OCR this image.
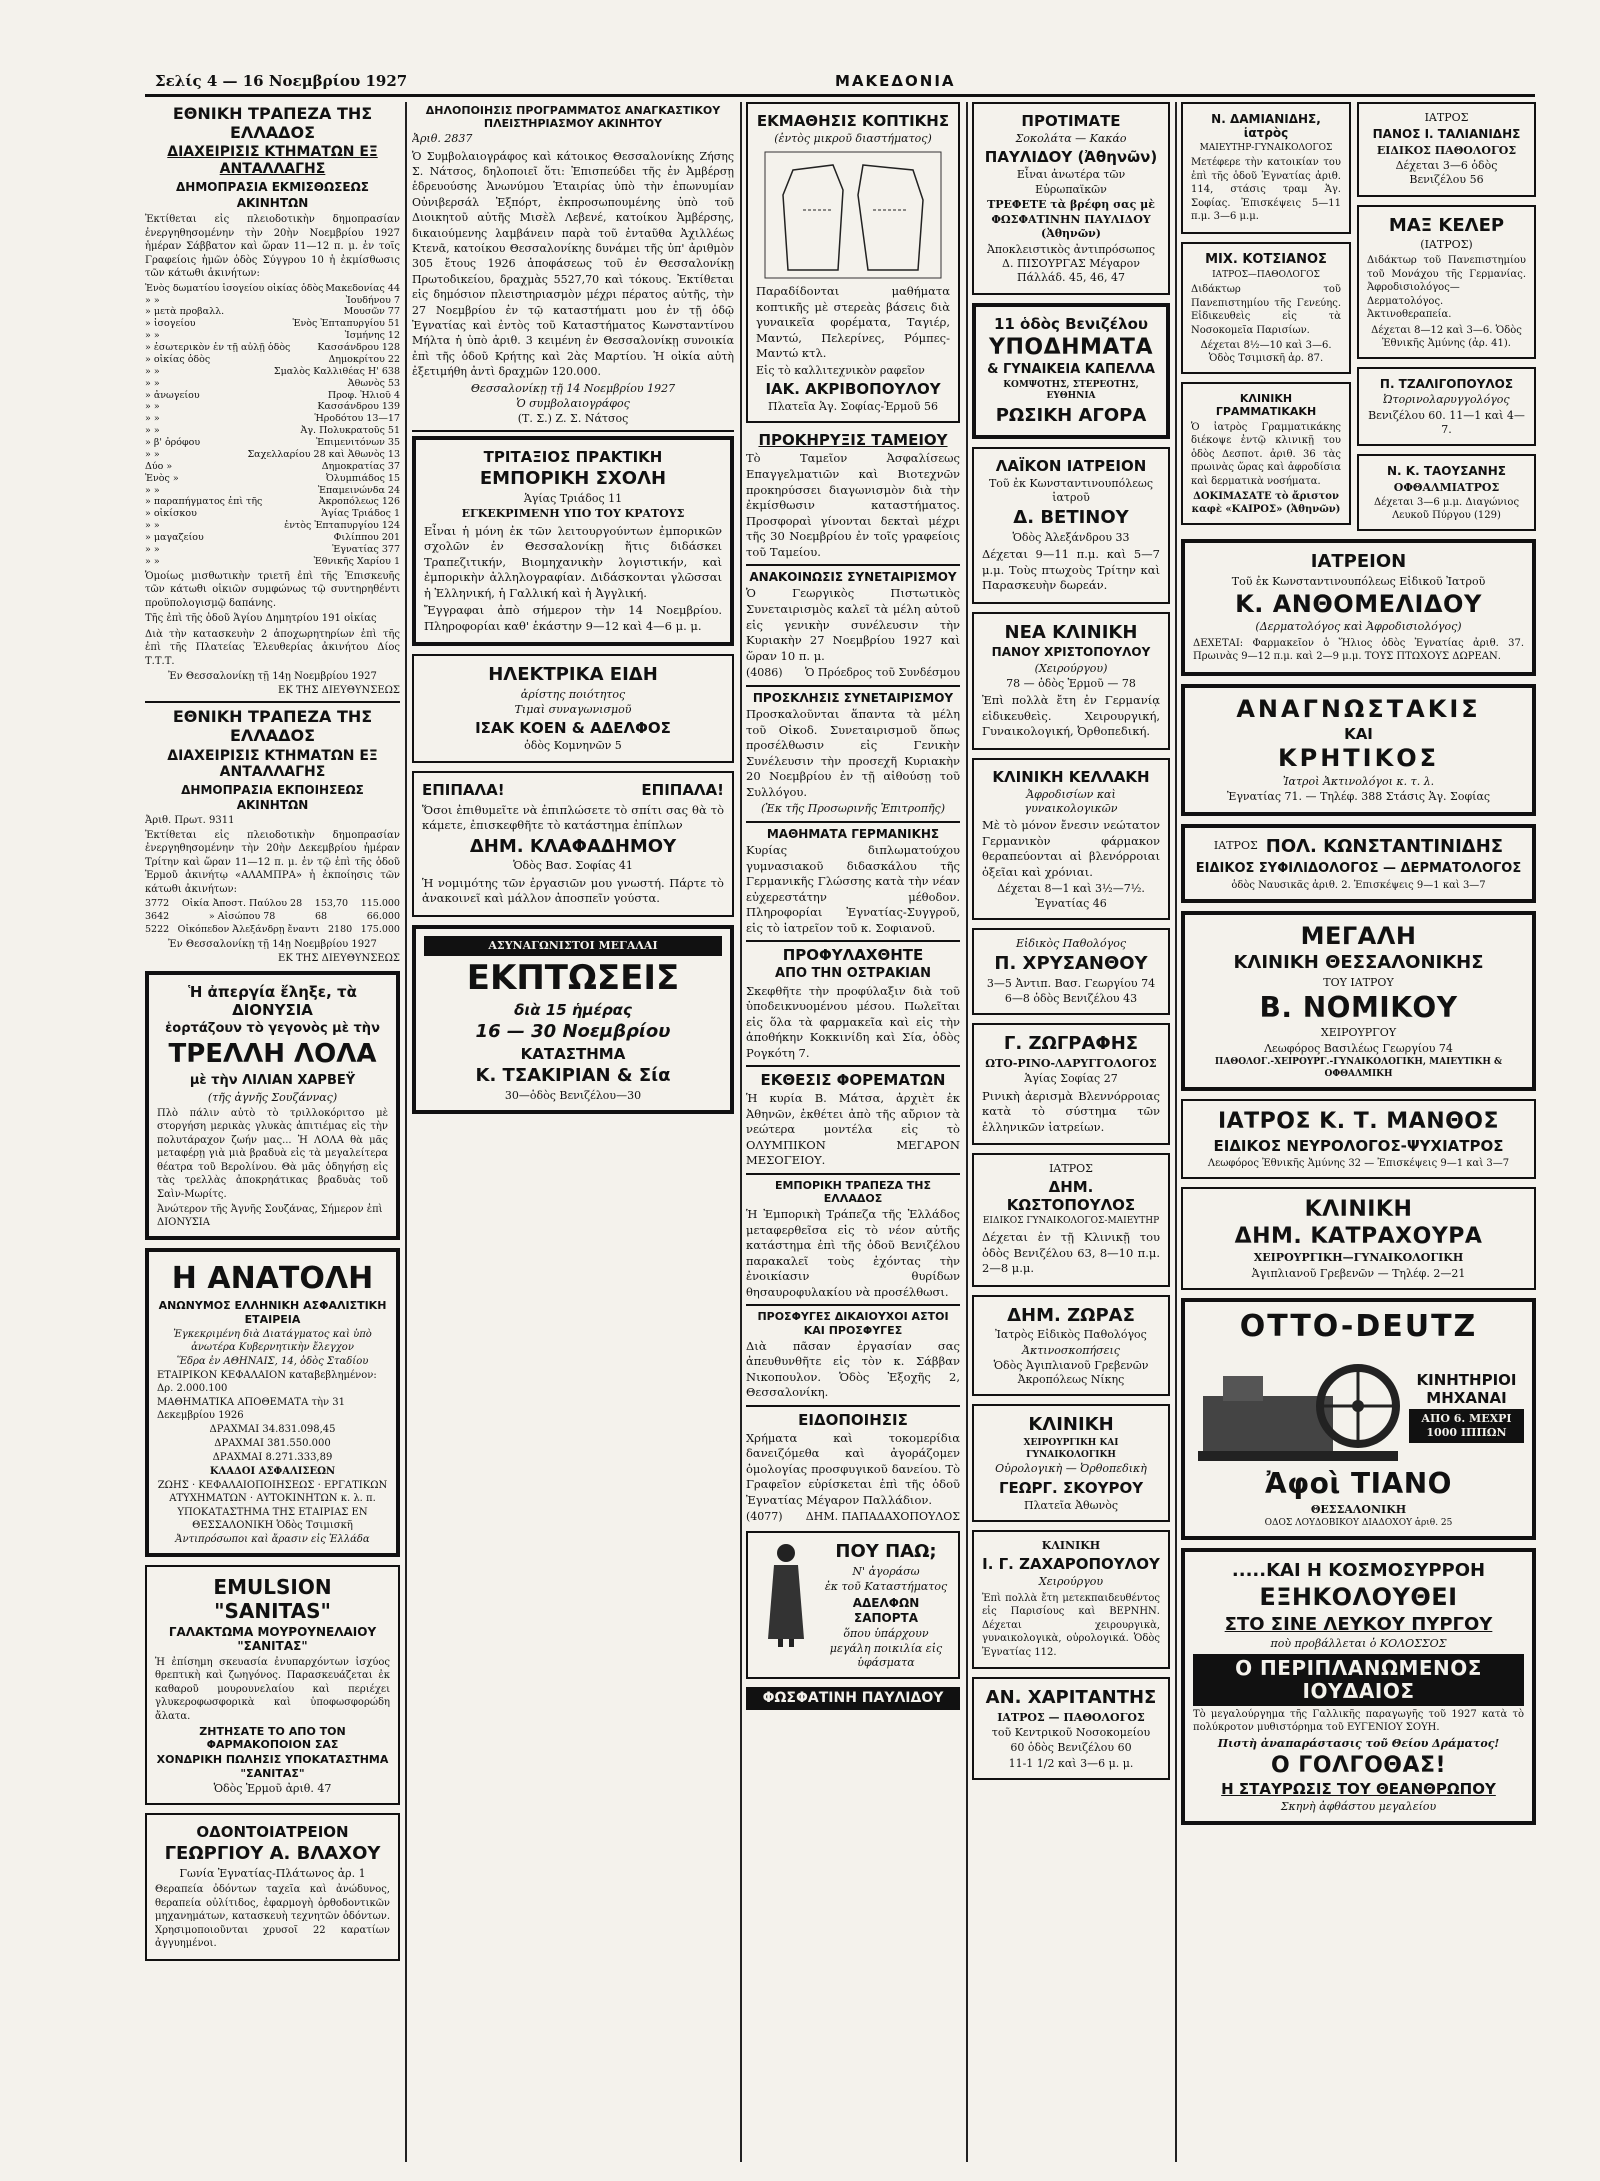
Σελίς 4 — 16 Νοεμβρίου 1927	ΜΑΚΕΔΟΝΙΑ
ΕΘΝΙΚΗ ΤΡΑΠΕΖΑ ΤΗΣ ΕΛΛΑΔΟΣ
ΔΙΑΧΕΙΡΙΣΙΣ ΚΤΗΜΑΤΩΝ ΕΞ ΑΝΤΑΛΛΑΓΗΣ
ΔΗΜΟΠΡΑΣΙΑ ΕΚΜΙΣΘΩΣΕΩΣ ΑΚΙΝΗΤΩΝ
Ἐκτίθεται εἰς πλειοδοτικὴν δημοπρασίαν ἐνεργηθησομένην τὴν 20ὴν Νοεμβρίου 1927 ἡμέραν Σάββατον καὶ ὥραν 11—12 π. μ. ἐν τοῖς Γραφείοις ἡμῶν ὁδὸς Σύγγρου 10 ἡ ἐκμίσθωσις τῶν κάτωθι ἀκινήτων:
Ἑνὸς δωματίου ἰσογείου οἰκίας ὁδὸς Μακεδονίας 44
» »	Ἰουδήνου 7
» μετὰ προβαλλ.	Μουσῶν 77
» ἰσογείου	Ἑνὸς Ἐπταπυργίου 51
» »	Ἰσμήνης 12
» ἐσωτερικὸν ἐν τῇ αὐλῇ ὁδὸς	Κασσάνδρου 128
» οἰκίας ὁδὸς	Δημοκρίτου 22
» »	Σμαλὸς Καλλιθέας Η' 638
» »	Ἀθωνὸς 53
» ἀνωγείου	Προφ. Ἠλιοῦ 4
» »	Κασσάνδρου 139
» »	Ἡροδότου 13—17
» »	Ἀγ. Πολυκρατοῦς 51
» β' ὀρόφου	Ἐπιμενιτόνων 35
» »	Σαχελλαρίου 28 καὶ Ἀθωνὸς 13
Δύο »	Δημοκρατίας 37
Ἑνὸς »	Ὀλυμπιάδος 15
» »	Ἐπαμεινώνδα 24
» παραπήγματος ἐπὶ τῆς	Ἀκροπόλεως 126
» οἰκίσκου	Ἁγίας Τριάδος 1
» »	ἐντὸς Ἐπταπυργίου 124
» μαγαζείου	Φιλίππου 201
» »	Ἐγνατίας 377
» »	Ἐθνικῆς Χαρίου 1
Ὁμοίως μισθωτικὴν τριετῆ ἐπὶ τῆς Ἐπισκευῆς τῶν κάτωθι οἰκιῶν συμφώνως τῷ συντηρηθέντι προϋπολογισμῷ δαπάνης.
Τῆς ἐπὶ τῆς ὁδοῦ Ἁγίου Δημητρίου 191 οἰκίας
Διὰ τὴν κατασκευὴν 2 ἀποχωρητηρίων ἐπὶ τῆς ἐπὶ τῆς Πλατείας Ἐλευθερίας ἀκινήτου Δίος Τ.Τ.Τ.
Ἐν Θεσσαλονίκῃ τῇ 14ῃ Νοεμβρίου 1927
ΕΚ ΤΗΣ ΔΙΕΥΘΥΝΣΕΩΣ
ΕΘΝΙΚΗ ΤΡΑΠΕΖΑ ΤΗΣ ΕΛΛΑΔΟΣ
ΔΙΑΧΕΙΡΙΣΙΣ ΚΤΗΜΑΤΩΝ ΕΞ ΑΝΤΑΛΛΑΓΗΣ
ΔΗΜΟΠΡΑΣΙΑ ΕΚΠΟΙΗΣΕΩΣ ΑΚΙΝΗΤΩΝ
Ἀριθ. Πρωτ. 9311
Ἐκτίθεται εἰς πλειοδοτικὴν δημοπρασίαν ἐνεργηθησομένην τὴν 20ὴν Δεκεμβρίου ἡμέραν Τρίτην καὶ ὥραν 11—12 π. μ. ἐν τῷ ἐπὶ τῆς ὁδοῦ Ἑρμοῦ ἀκινήτῳ «ΑΛΑΜΠΡΑ» ἡ ἐκποίησις τῶν κάτωθι ἀκινήτων:
3772 Οἰκία Ἀποστ. Παύλου 28 153,70 115.000
3642	» Αἰσώπου 78	68	66.000
5222 Οἰκόπεδον Ἀλεξάνδρῃ ἔναντι 2180 175.000
Ἐν Θεσσαλονίκῃ τῇ 14ῃ Νοεμβρίου 1927
ΕΚ ΤΗΣ ΔΙΕΥΘΥΝΣΕΩΣ
Ἡ ἀπεργία ἔληξε, τὰ ΔΙΟΝΥΣΙΑ
ἑορτάζουν τὸ γεγονὸς μὲ τὴν
ΤΡΕΛΛΗ ΛΟΛΑ
μὲ τὴν ΛΙΛΙΑΝ ΧΑΡΒΕΫ
(τῆς ἀγνῆς Σουζάννας)
Πλὸ πάλιν αὐτὸ τὸ τριλλοκόριτσο μὲ στοργήση μερικὰς γλυκὰς ἀπιτιέμας εἰς τὴν πολυτάραχον ζωήν μας... Ἡ ΛΟΛΑ θὰ μᾶς μεταφέρῃ γιὰ μιὰ βραδυὰ εἰς τὰ μεγαλείτερα θέατρα τοῦ Βερολίνου. Θὰ μᾶς ὁδηγήσῃ εἰς τὰς τρελλὰς ἀποκρηάτικας βραδυὰς τοῦ Σαὶν-Μωρίτς.
Ἀνώτερον τῆς Ἀγνῆς Σουζάνας, Σήμερον ἐπὶ ΔΙΟΝΥΣΙΑ
Η ΑΝΑΤΟΛΗ
ΑΝΩΝΥΜΟΣ ΕΛΛΗΝΙΚΗ ΑΣΦΑΛΙΣΤΙΚΗ ΕΤΑΙΡΕΙΑ
Ἐγκεκριμένη διὰ Διατάγματος καὶ ὑπὸ ἀνωτέρα Κυβερνητικὴν ἔλεγχον
Ἕδρα ἐν ΑΘΗΝΑΙΣ, 14, ὁδὸς Σταδίου
ΕΤΑΙΡΙΚΟΝ ΚΕΦΑΛΑΙΟΝ καταβεβλημένον: Δρ. 2.000.100
ΜΑΘΗΜΑΤΙΚΑ ΑΠΟΘΕΜΑΤΑ τὴν 31 Δεκεμβρίου 1926
ΔΡΑΧΜΑΙ 34.831.098,45
ΔΡΑΧΜΑΙ 381.550.000
ΔΡΑΧΜΑΙ 8.271.333,89
ΚΛΑΔΟΙ ΑΣΦΑΛΙΣΕΩΝ
ΖΩΗΣ · ΚΕΦΑΛΑΙΟΠΟΙΗΣΕΩΣ · ΕΡΓΑΤΙΚΩΝ ΑΤΥΧΗΜΑΤΩΝ · ΑΥΤΟΚΙΝΗΤΩΝ κ. λ. π.
ΥΠΟΚΑΤΑΣΤΗΜΑ ΤΗΣ ΕΤΑΙΡΙΑΣ ΕΝ ΘΕΣΣΑΛΟΝΙΚΗ Ὁδὸς Τσιμισκῆ
Ἀντιπρόσωποι καὶ ἄρασιν εἰς Ἑλλάδα
EMULSION "SANITAS"
ΓΑΛΑΚΤΩΜΑ ΜΟΥΡΟΥΝΕΛΑΙΟΥ "ΣΑΝΙΤΑΣ"
Ἡ ἐπίσημη σκευασία ἐνυπαρχόντων ἰσχύος θρεπτικὴ καὶ ζωηγόνος. Παρασκευάζεται ἐκ καθαροῦ μουρουνελαίου καὶ περιέχει γλυκεροφωσφορικὰ καὶ ὑποφωσφορώδη ἄλατα.
ΖΗΤΗΣΑΤΕ ΤΟ ΑΠΟ ΤΟΝ ΦΑΡΜΑΚΟΠΟΙΟΝ ΣΑΣ
ΧΟΝΔΡΙΚΗ ΠΩΛΗΣΙΣ ΥΠΟΚΑΤΑΣΤΗΜΑ "ΣΑΝΙΤΑΣ"
Ὁδὸς Ἑρμοῦ ἀριθ. 47
ΟΔΟΝΤΟΙΑΤΡΕΙΟΝ
ΓΕΩΡΓΙΟΥ Α. ΒΛΑΧΟΥ
Γωνία Ἐγνατίας-Πλάτωνος ἀρ. 1
Θεραπεία ὀδόντων ταχεῖα καὶ ἀνώδυνος, θεραπεία οὐλίτιδος, ἐφαρμογὴ ὀρθοδοντικῶν μηχανημάτων, κατασκευὴ τεχνητῶν ὀδόντων. Χρησιμοποιοῦνται χρυσοῖ 22 καρατίων ἀγγυημένοι.
ΔΗΛΟΠΟΙΗΣΙΣ ΠΡΟΓΡΑΜΜΑΤΟΣ ΑΝΑΓΚΑΣΤΙΚΟΥ ΠΛΕΙΣΤΗΡΙΑΣΜΟΥ ΑΚΙΝΗΤΟΥ
Ἀριθ. 2837
Ὁ Συμβολαιογράφος καὶ κάτοικος Θεσσαλονίκης Ζήσης Σ. Νάτσος, δηλοποιεῖ ὅτι: Ἐπισπεύδει τῆς ἐν Ἀμβέρσῃ ἑδρευούσης Ἀνωνύμου Ἑταιρίας ὑπὸ τὴν ἐπωνυμίαν Οὐνιβερσάλ Ἐξπόρτ, ἐκπροσωπουμένης ὑπὸ τοῦ Διοικητοῦ αὐτῆς Μισὲλ Λεβενέ, κατοίκου Ἀμβέρσης, δικαιούμενης λαμβάνειν παρὰ τοῦ ἐνταῦθα Ἀχιλλέως Κτενᾶ, κατοίκου Θεσσαλονίκης δυνάμει τῆς ὑπ' ἀριθμὸν 305 ἔτους 1926 ἀποφάσεως τοῦ ἐν Θεσσαλονίκῃ Πρωτοδικείου, δραχμὰς 5527,70 καὶ τόκους. Ἐκτίθεται εἰς δημόσιον πλειστηριασμὸν μέχρι πέρατος αὐτῆς, τὴν 27 Νοεμβρίου ἐν τῷ καταστήματι μου ἐν τῇ ὁδῷ Ἐγνατίας καὶ ἐντὸς τοῦ Καταστήματος Κωνσταντίνου Μήλτα ἡ ὑπὸ ἀριθ. 3 κειμένη ἐν Θεσσαλονίκῃ συνοικία ἐπὶ τῆς ὁδοῦ Κρήτης καὶ 2ὰς Μαρτίου. Ἡ οἰκία αὐτὴ ἐξετιμήθη ἀντὶ δραχμῶν 120.000.
Θεσσαλονίκῃ τῇ 14 Νοεμβρίου 1927
Ὁ συμβολαιογράφος
(Τ. Σ.) Ζ. Σ. Νάτσος
ΤΡΙΤΑΞΙΟΣ ΠΡΑΚΤΙΚΗ
ΕΜΠΟΡΙΚΗ ΣΧΟΛΗ
Ἁγίας Τριάδος 11
ΕΓΚΕΚΡΙΜΕΝΗ ΥΠΟ ΤΟΥ ΚΡΑΤΟΥΣ
Εἶναι ἡ μόνη ἐκ τῶν λειτουργούντων ἐμπορικῶν σχολῶν ἐν Θεσσαλονίκῃ ἥτις διδάσκει Τραπεζιτικήν, Βιομηχανικὴν λογιστικήν, καὶ ἐμπορικὴν ἀλληλογραφίαν. Διδάσκονται γλῶσσαι ἡ Ἑλληνική, ἡ Γαλλική καὶ ἡ Ἀγγλική.
Ἔγγραφαι ἀπὸ σήμερον τὴν 14 Νοεμβρίου. Πληροφορίαι καθ' ἑκάστην 9—12 καὶ 4—6 μ. μ.
ΗΛΕΚΤΡΙΚΑ ΕΙΔΗ
ἀρίστης ποιότητος
Τιμαὶ συναγωνισμοῦ
ΙΣΑΚ ΚΟΕΝ & ΑΔΕΛΦΟΣ
ὁδὸς Κομνηνῶν 5
ΕΠΙΠΑΛΑ!	ΕΠΙΠΑΛΑ!
Ὅσοι ἐπιθυμεῖτε νὰ ἐπιπλώσετε τὸ σπίτι σας θὰ τὸ κάμετε, ἐπισκεφθῆτε τὸ κατάστημα ἐπίπλων
ΔΗΜ. ΚΛΑΦΑΔΗΜΟΥ
Ὁδὸς Βασ. Σοφίας 41
Ἡ νομιμότης τῶν ἐργασιῶν μου γνωστή. Πάρτε τὸ ἀνακοινεῖ καὶ μάλλον ἀποσπεῖν γούστα.
ΑΣΥΝΑΓΩΝΙΣΤΟΙ ΜΕΓΑΛΑΙ
ΕΚΠΤΩΣΕΙΣ
διὰ 15 ἡμέρας
16 — 30 Νοεμβρίου
ΚΑΤΑΣΤΗΜΑ
Κ. ΤΣΑΚΙΡΙΑΝ & Σία
30—ὁδὸς Βενιζέλου—30
ΕΚΜΑΘΗΣΙΣ ΚΟΠΤΙΚΗΣ
(ἐντὸς μικροῦ διαστήματος)
Παραδίδονται μαθήματα κοπτικῆς μὲ στερεὰς βάσεις διὰ γυναικεῖα φορέματα, Ταγιέρ, Μαντώ, Πελερίνες, Ρόμπες-Μαντώ κτλ.
Εἰς τὸ καλλιτεχνικὸν ραφεῖον
ΙΑΚ. ΑΚΡΙΒΟΠΟΥΛΟΥ
Πλατεῖα Ἁγ. Σοφίας-Ἑρμοῦ 56
ΠΡΟΚΗΡΥΞΙΣ ΤΑΜΕΙΟΥ
Τὸ Ταμεῖον Ἀσφαλίσεως Επαγγελματιῶν καὶ Βιοτεχνῶν προκηρύσσει διαγωνισμὸν διὰ τὴν ἐκμίσθωσιν καταστήματος. Προσφοραὶ γίνονται δεκταὶ μέχρι τῆς 30 Νοεμβρίου ἐν τοῖς γραφείοις τοῦ Ταμείου.
ΑΝΑΚΟΙΝΩΣΙΣ ΣΥΝΕΤΑΙΡΙΣΜΟΥ
Ὁ Γεωργικὸς Πιστωτικὸς Συνεταιρισμὸς καλεῖ τὰ μέλη αὐτοῦ εἰς γενικὴν συνέλευσιν τὴν Κυριακὴν 27 Νοεμβρίου 1927 καὶ ὥραν 10 π. μ.
(4086) Ὁ Πρόεδρος τοῦ Συνδέσμου
ΠΡΟΣΚΛΗΣΙΣ ΣΥΝΕΤΑΙΡΙΣΜΟΥ
Προσκαλοῦνται ἅπαντα τὰ μέλη τοῦ Οἰκοδ. Συνεταιρισμοῦ ὅπως προσέλθωσιν εἰς Γενικὴν Συνέλευσιν τὴν προσεχῆ Κυριακὴν 20 Νοεμβρίου ἐν τῇ αἰθούσῃ τοῦ Συλλόγου.
(Ἐκ τῆς Προσωρινῆς Ἐπιτροπῆς)
ΜΑΘΗΜΑΤΑ ΓΕΡΜΑΝΙΚΗΣ
Κυρίας διπλωματούχου γυμνασιακοῦ διδασκάλου τῆς Γερμανικῆς Γλώσσης κατὰ τὴν νέαν εὐχερεστάτην μέθοδον. Πληροφορίαι Ἐγνατίας-Συγγροῦ, εἰς τὸ ἰατρεῖον τοῦ κ. Σοφιανοῦ.
ΠΡΟΦΥΛΑΧΘΗΤΕ
ΑΠΟ ΤΗΝ ΟΣΤΡΑΚΙΑΝ
Σκεφθῆτε τὴν προφύλαξιν διὰ τοῦ ὑποδεικνυομένου μέσου. Πωλεῖται εἰς ὅλα τὰ φαρμακεῖα καὶ εἰς τὴν ἀποθήκην Κοκκινίδη καὶ Σία, ὁδὸς Ρογκότη 7.
ΕΚΘΕΣΙΣ ΦΟΡΕΜΑΤΩΝ
Ἡ κυρία Β. Μάτσα, ἀρχιὲτ ἐκ Ἀθηνῶν, ἐκθέτει ἀπὸ τῆς αὔριον τὰ νεώτερα μοντέλα εἰς τὸ ΟΛΥΜΠΙΚΟΝ ΜΕΓΑΡΟΝ ΜΕΣΟΓΕΙΟΥ.
ΕΜΠΟΡΙΚΗ ΤΡΑΠΕΖΑ ΤΗΣ ΕΛΛΑΔΟΣ
Ἡ Ἐμπορικὴ Τράπεζα τῆς Ἑλλάδος μεταφερθεῖσα εἰς τὸ νέον αὐτῆς κατάστημα ἐπὶ τῆς ὁδοῦ Βενιζέλου παρακαλεῖ τοὺς ἐχόντας τὴν ἐνοικίασιν θυρίδων θησαυροφυλακίου νὰ προσέλθωσι.
ΠΡΟΣΦΥΓΕΣ ΔΙΚΑΙΟΥΧΟΙ ΑΣΤΟΙ ΚΑΙ ΠΡΟΣΦΥΓΕΣ
Διὰ πᾶσαν ἐργασίαν σας ἀπευθυνθῆτε εἰς τὸν κ. Σάββαν Νικοπουλον. Ὁδὸς Ἐξοχῆς 2, Θεσσαλονίκη.
ΕΙΔΟΠΟΙΗΣΙΣ
Χρήματα καὶ τοκομερίδια δανειζόμεθα καὶ ἀγοράζομεν ὁμολογίας προσφυγικοῦ δανείου. Τὸ Γραφεῖον εὑρίσκεται ἐπὶ τῆς ὁδοῦ Ἐγνατίας Μέγαρον Παλλάδιον.
(4077) ΔΗΜ. ΠΑΠΑΔΑΧΟΠΟΥΛΟΣ
ΠΟΥ ΠΑΩ;
Ν' ἀγοράσω
ἐκ τοῦ Καταστήματος
ΑΔΕΛΦΩΝ ΣΑΠΟΡΤΑ
ὅπου ὑπάρχουν μεγάλη ποικιλία εἰς ὑφάσματα
ΦΩΣΦΑΤΙΝΗ ΠΑΥΛΙΔΟΥ
ΠΡΟΤΙΜΑΤΕ
Σοκολάτα — Κακάο
ΠΑΥΛΙΔΟΥ (Ἀθηνῶν)
Εἶναι ἀνωτέρα τῶν Εὐρωπαϊκῶν
ΤΡΕΦΕΤΕ τὰ βρέφη σας μὲ
ΦΩΣΦΑΤΙΝΗΝ ΠΑΥΛΙΔΟΥ (Ἀθηνῶν)
Ἀποκλειστικὸς ἀντιπρόσωπος Δ. ΠΙΣΟΥΡΓΑΣ Μέγαρον Πάλλάδ. 45, 46, 47
11 ὁδὸς Βενιζέλου
ΥΠΟΔΗΜΑΤΑ
& ΓΥΝΑΙΚΕΙΑ ΚΑΠΕΛΛΑ
ΚΟΜΨΟΤΗΣ, ΣΤΕΡΕΟΤΗΣ, ΕΥΘΗΝΙΑ
ΡΩΣΙΚΗ ΑΓΟΡΑ
ΛΑΪΚΟΝ ΙΑΤΡΕΙΟΝ
Τοῦ ἐκ Κωνσταντινουπόλεως ἰατροῦ
Δ. ΒΕΤΙΝΟΥ
Ὁδὸς Ἀλεξάνδρου 33
Δέχεται 9—11 π.μ. καὶ 5—7 μ.μ. Τοὺς πτωχοὺς Τρίτην καὶ Παρασκευὴν δωρεάν.
ΝΕΑ ΚΛΙΝΙΚΗ
ΠΑΝΟΥ ΧΡΙΣΤΟΠΟΥΛΟΥ
(Χειρούργου)
78 — ὁδὸς Ἑρμοῦ — 78
Ἐπὶ πολλὰ ἔτη ἐν Γερμανίᾳ εἰδικευθεὶς. Χειρουργική, Γυναικολογική, Ὀρθοπεδική.
ΚΛΙΝΙΚΗ ΚΕΛΛΑΚΗ
Ἀφροδισίων καὶ γυναικολογικῶν
Μὲ τὸ μόνον ἔνεσιν νεώτατον Γερμανικὸν φάρμακον θεραπεύονται αἱ βλενόρροιαι ὀξεῖαι καὶ χρόνιαι.
Δέχεται 8—1 καὶ 3½—7½. Ἐγνατίας 46
Εἰδικὸς Παθολόγος
Π. ΧΡΥΣΑΝΘΟΥ
3—5 Ἀντιπ. Βασ. Γεωργίου 74
6—8 ὁδὸς Βενιζέλου 43
Γ. ΖΩΓΡΑΦΗΣ
ΩΤΟ-ΡΙΝΟ-ΛΑΡΥΓΓΟΛΟΓΟΣ
Ἁγίας Σοφίας 27
Ρινικὴ ἀερισμὰ Βλεννόρροιας κατὰ τὸ σύστημα τῶν ἑλληνικῶν ἰατρείων.
ΙΑΤΡΟΣ
ΔΗΜ. ΚΩΣΤΟΠΟΥΛΟΣ
ΕΙΔΙΚΟΣ ΓΥΝΑΙΚΟΛΟΓΟΣ-ΜΑΙΕΥΤΗΡ
Δέχεται ἐν τῇ Κλινικῇ του ὁδὸς Βενιζέλου 63, 8—10 π.μ. 2—8 μ.μ.
ΔΗΜ. ΖΩΡΑΣ
Ἰατρὸς Εἰδικὸς Παθολόγος
Ἀκτινοσκοπήσεις
Ὁδὸς Ἀγιπλιανοῦ Γρεβενῶν Ἀκροπόλεως Νίκης
ΚΛΙΝΙΚΗ
ΧΕΙΡΟΥΡΓΙΚΗ ΚΑΙ ΓΥΝΑΙΚΟΛΟΓΙΚΗ
Οὐρολογικὴ — Ὀρθοπεδικὴ
ΓΕΩΡΓ. ΣΚΟΥΡΟΥ
Πλατεῖα Ἀθωνὸς
ΚΛΙΝΙΚΗ
Ι. Γ. ΖΑΧΑΡΟΠΟΥΛΟΥ
Χειρούργου
Ἐπὶ πολλὰ ἔτη μετεκπαιδευθέντος εἰς Παρισίους καὶ ΒΕΡΝΗΝ. Δέχεται χειρουργικὰ, γυναικολογικὰ, οὐρολογικά. Ὁδὸς Ἐγνατίας 112.
ΑΝ. ΧΑΡΙΤΑΝΤΗΣ
ΙΑΤΡΟΣ — ΠΑΘΟΛΟΓΟΣ
τοῦ Κεντρικοῦ Νοσοκομείου
60 ὁδὸς Βενιζέλου 60
11-1 1/2 καὶ 3—6 μ. μ.
Ν. ΔΑΜΙΑΝΙΔΗΣ, ἰατρὸς
ΜΑΙΕΥΤΗΡ-ΓΥΝΑΙΚΟΛΟΓΟΣ
Μετέφερε τὴν κατοικίαν του ἐπὶ τῆς ὁδοῦ Ἐγνατίας ἀριθ. 114, στάσις τραμ Ἁγ. Σοφίας. Ἐπισκέψεις 5—11 π.μ. 3—6 μ.μ.
ΜΙΧ. ΚΟΤΣΙΑΝΟΣ
ΙΑΤΡΟΣ—ΠΑΘΟΛΟΓΟΣ
Διδάκτωρ τοῦ Πανεπιστημίου τῆς Γενεύης. Εἰδικευθεὶς εἰς τὰ Νοσοκομεῖα Παρισίων.
Δέχεται 8½—10 καὶ 3—6. Ὁδὸς Τσιμισκῆ ἀρ. 87.
ΚΛΙΝΙΚΗ ΓΡΑΜΜΑΤΙΚΑΚΗ
Ὁ ἰατρὸς Γραμματικάκης διέκοψε ἐντῷ κλινικῇ του ὁδὸς Δεσποτ. ἀριθ. 36 τὰς πρωινὰς ὥρας καὶ ἀφροδίσια καὶ δερματικὰ νοσήματα.
ΔΟΚΙΜΑΣΑΤΕ τὸ ἄριστον καφὲ «ΚΑΙΡΟΣ» (Ἀθηνῶν)
ΙΑΤΡΟΣ
ΠΑΝΟΣ Ι. ΤΑΛΙΑΝΙΔΗΣ
ΕΙΔΙΚΟΣ ΠΑΘΟΛΟΓΟΣ
Δέχεται 3—6 ὁδὸς Βενιζέλου 56
ΜΑΞ ΚΕΛΕΡ
(ΙΑΤΡΟΣ)
Διδάκτωρ τοῦ Πανεπιστημίου τοῦ Μονάχου τῆς Γερμανίας. Ἀφροδισιολόγος—Δερματολόγος. Ἀκτινοθεραπεία.
Δέχεται 8—12 καὶ 3—6. Ὁδὸς Ἐθνικῆς Ἀμύνης (ἀρ. 41).
Π. ΤΖΑΛΙΓΟΠΟΥΛΟΣ
Ὠτορινολαρυγγολόγος
Βενιζέλου 60. 11—1 καὶ 4—7.
Ν. Κ. ΤΑΟΥΣΑΝΗΣ
ΟΦΘΑΛΜΙΑΤΡΟΣ
Δέχεται 3—6 μ.μ. Διαγώνιος Λευκοῦ Πύργου (129)
ΙΑΤΡΕΙΟΝ
Τοῦ ἐκ Κωνσταντινουπόλεως Εἰδικοῦ Ἰατροῦ
Κ. ΑΝΘΟΜΕΛΙΔΟΥ
(Δερματολόγος καὶ Ἀφροδισιολόγος)
ΔΕΧΕΤΑΙ: Φαρμακεῖον ὁ Ἥλιος ὁδὸς Ἐγνατίας ἀριθ. 37. Πρωινὰς 9—12 π.μ. καὶ 2—9 μ.μ. ΤΟΥΣ ΠΤΩΧΟΥΣ ΔΩΡΕΑΝ.
ΑΝΑΓΝΩΣΤΑΚΙΣ
ΚΑΙ
ΚΡΗΤΙΚΟΣ
Ἰατροὶ Ἀκτινολόγοι κ. τ. λ.
Ἐγνατίας 71. — Τηλέφ. 388 Στάσις Ἁγ. Σοφίας
ΙΑΤΡΟΣ ΠΟΛ. ΚΩΝΣΤΑΝΤΙΝΙΔΗΣ
ΕΙΔΙΚΟΣ ΣΥΦΙΛΙΔΟΛΟΓΟΣ — ΔΕΡΜΑΤΟΛΟΓΟΣ
ὁδὸς Ναυσικᾶς ἀριθ. 2. Ἐπισκέψεις 9—1 καὶ 3—7
ΜΕΓΑΛΗ
ΚΛΙΝΙΚΗ ΘΕΣΣΑΛΟΝΙΚΗΣ
ΤΟΥ ΙΑΤΡΟΥ
Β. ΝΟΜΙΚΟΥ
ΧΕΙΡΟΥΡΓΟΥ
Λεωφόρος Βασιλέως Γεωργίου 74
ΠΑΘΟΛΟΓ.-ΧΕΙΡΟΥΡΓ.-ΓΥΝΑΙΚΟΛΟΓΙΚΗ, ΜΑΙΕΥΤΙΚΗ & ΟΦΘΑΛΜΙΚΗ
ΙΑΤΡΟΣ Κ. Τ. ΜΑΝΘΟΣ
ΕΙΔΙΚΟΣ ΝΕΥΡΟΛΟΓΟΣ-ΨΥΧΙΑΤΡΟΣ
Λεωφόρος Ἐθνικῆς Ἀμύνης 32 — Ἐπισκέψεις 9—1 καὶ 3—7
ΚΛΙΝΙΚΗ
ΔΗΜ. ΚΑΤΡΑΧΟΥΡΑ
ΧΕΙΡΟΥΡΓΙΚΗ—ΓΥΝΑΙΚΟΛΟΓΙΚΗ
Ἀγιπλιανοῦ Γρεβενῶν — Τηλέφ. 2—21
OTTO-DEUTZ
ΚΙΝΗΤΗΡΙΟΙ ΜΗΧΑΝΑΙ
ΑΠΟ 6. ΜΕΧΡΙ 1000 ΙΠΠΩΝ
Ἀφοὶ ΤΙΑΝΟ
ΘΕΣΣΑΛΟΝΙΚΗ
ΟΔΟΣ ΛΟΥΔΟΒΙΚΟΥ ΔΙΑΔΟΧΟΥ ἀριθ. 25
.....ΚΑΙ Η ΚΟΣΜΟΣΥΡΡΟΗ
ΕΞΗΚΟΛΟΥΘΕΙ
ΣΤΟ ΣΙΝΕ ΛΕΥΚΟΥ ΠΥΡΓΟΥ
ποὺ προβάλλεται ὁ ΚΟΛΟΣΣΟΣ
Ο ΠΕΡΙΠΛΑΝΩΜΕΝΟΣ ΙΟΥΔΑΙΟΣ
Τὸ μεγαλούργημα τῆς Γαλλικῆς παραγωγῆς τοῦ 1927 κατὰ τὸ πολύκροτον μυθιστόρημα τοῦ ΕΥΓΕΝΙΟΥ ΣΟΥΗ.
Πιστὴ ἀναπαράστασις τοῦ Θείου Δράματος!
Ο ΓΟΛΓΟΘΑΣ!
Η ΣΤΑΥΡΩΣΙΣ ΤΟΥ ΘΕΑΝΘΡΩΠΟΥ
Σκηνὴ ἀφθάστου μεγαλείου
